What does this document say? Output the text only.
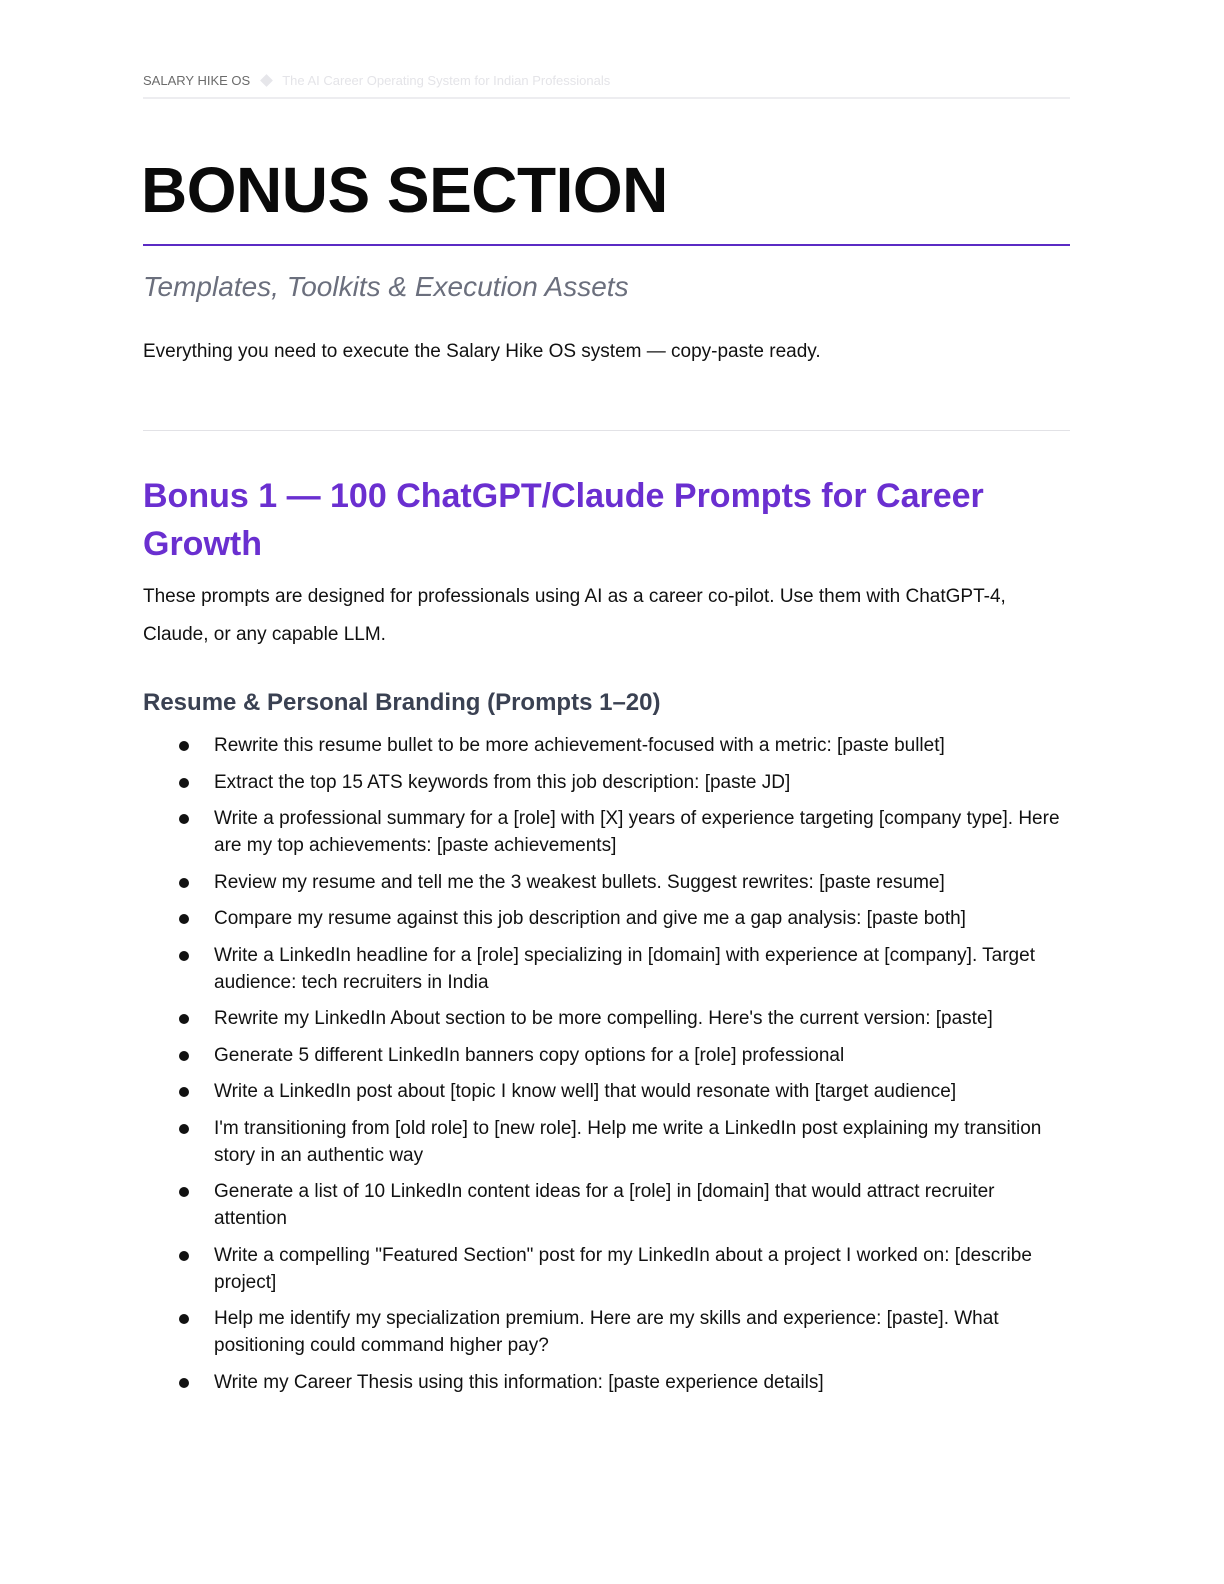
SALARY HIKE OS The AI Career Operating System for Indian Professionals
BONUS SECTION
Templates, Toolkits & Execution Assets

Everything you need to execute the Salary Hike OS system — copy-paste ready.

Bonus 1 — 100 ChatGPT/Claude Prompts for Career Growth

These prompts are designed for professionals using AI as a career co-pilot. Use them with ChatGPT-4, Claude, or any capable LLM.

Resume & Personal Branding (Prompts 1–20)
Rewrite this resume bullet to be more achievement-focused with a metric: [paste bullet]
Extract the top 15 ATS keywords from this job description: [paste JD]
Write a professional summary for a [role] with [X] years of experience targeting [company type]. Here are my top achievements: [paste achievements]
Review my resume and tell me the 3 weakest bullets. Suggest rewrites: [paste resume]
Compare my resume against this job description and give me a gap analysis: [paste both]
Write a LinkedIn headline for a [role] specializing in [domain] with experience at [company]. Target audience: tech recruiters in India
Rewrite my LinkedIn About section to be more compelling. Here's the current version: [paste]
Generate 5 different LinkedIn banners copy options for a [role] professional
Write a LinkedIn post about [topic I know well] that would resonate with [target audience]
I'm transitioning from [old role] to [new role]. Help me write a LinkedIn post explaining my transition story in an authentic way
Generate a list of 10 LinkedIn content ideas for a [role] in [domain] that would attract recruiter attention
Write a compelling "Featured Section" post for my LinkedIn about a project I worked on: [describe project]
Help me identify my specialization premium. Here are my skills and experience: [paste]. What positioning could command higher pay?
Write my Career Thesis using this information: [paste experience details]
